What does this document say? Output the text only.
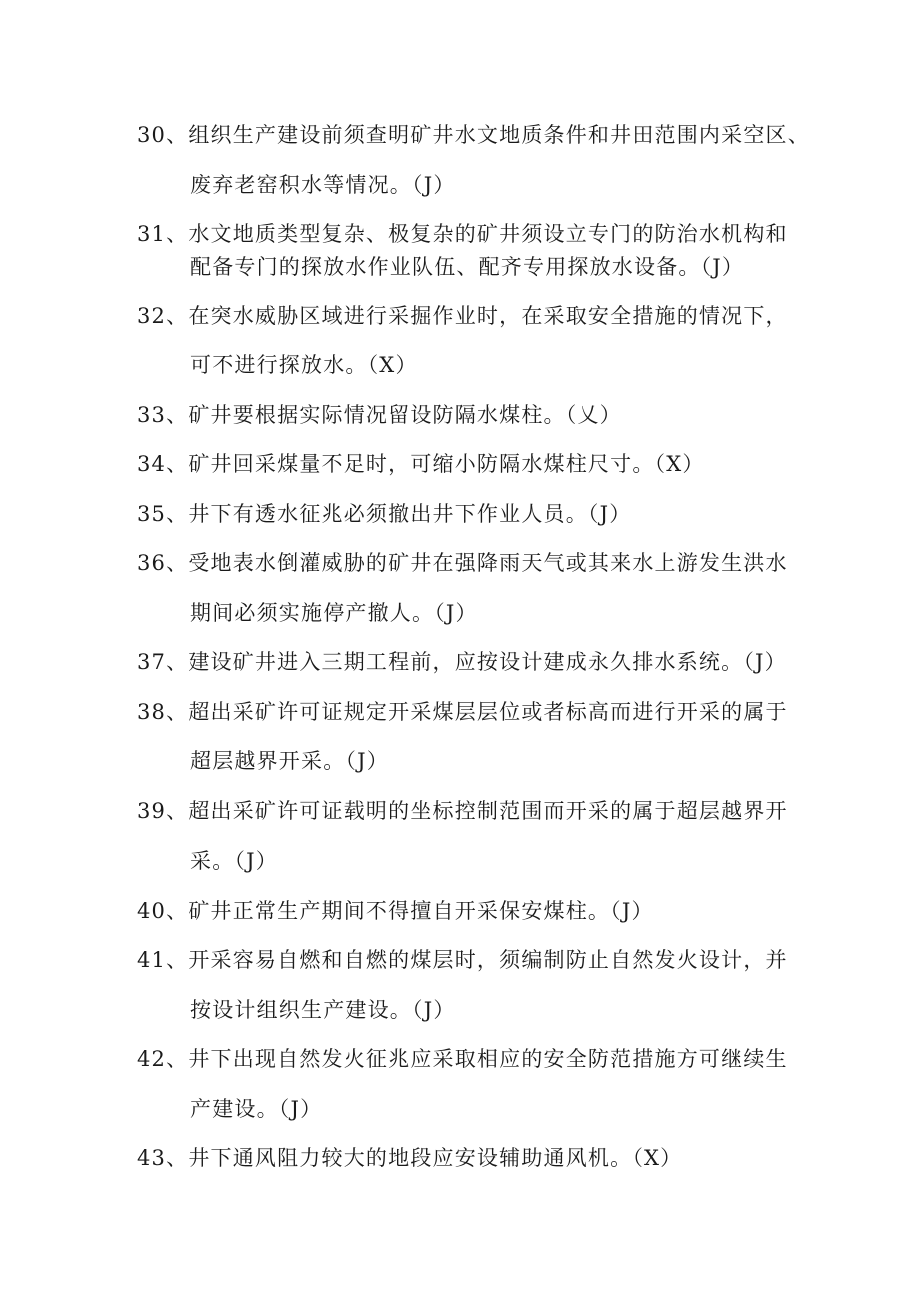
30、组织生产建设前须查明矿井水文地质条件和井田范围内采空区、
废弃老窑积水等情况。（J）
31、水文地质类型复杂、极复杂的矿井须设立专门的防治水机构和
配备专门的探放水作业队伍、配齐专用探放水设备。（J）
32、在突水威胁区域进行采掘作业时，在采取安全措施的情况下，
可不进行探放水。（X）
33、矿井要根据实际情况留设防隔水煤柱。（乂）
34、矿井回采煤量不足时，可缩小防隔水煤柱尺寸。（X）
35、井下有透水征兆必须撤出井下作业人员。（J）
36、受地表水倒灌威胁的矿井在强降雨天气或其来水上游发生洪水
期间必须实施停产撤人。（J）
37、建设矿井进入三期工程前，应按设计建成永久排水系统。（J）
38、超出采矿许可证规定开采煤层层位或者标高而进行开采的属于
超层越界开采。（J）
39、超出采矿许可证载明的坐标控制范围而开采的属于超层越界开
采。（J）
40、矿井正常生产期间不得擅自开采保安煤柱。（J）
41、开采容易自燃和自燃的煤层时，须编制防止自然发火设计，并
按设计组织生产建设。（J）
42、井下出现自然发火征兆应采取相应的安全防范措施方可继续生
产建设。（J）
43、井下通风阻力较大的地段应安设辅助通风机。（X）
